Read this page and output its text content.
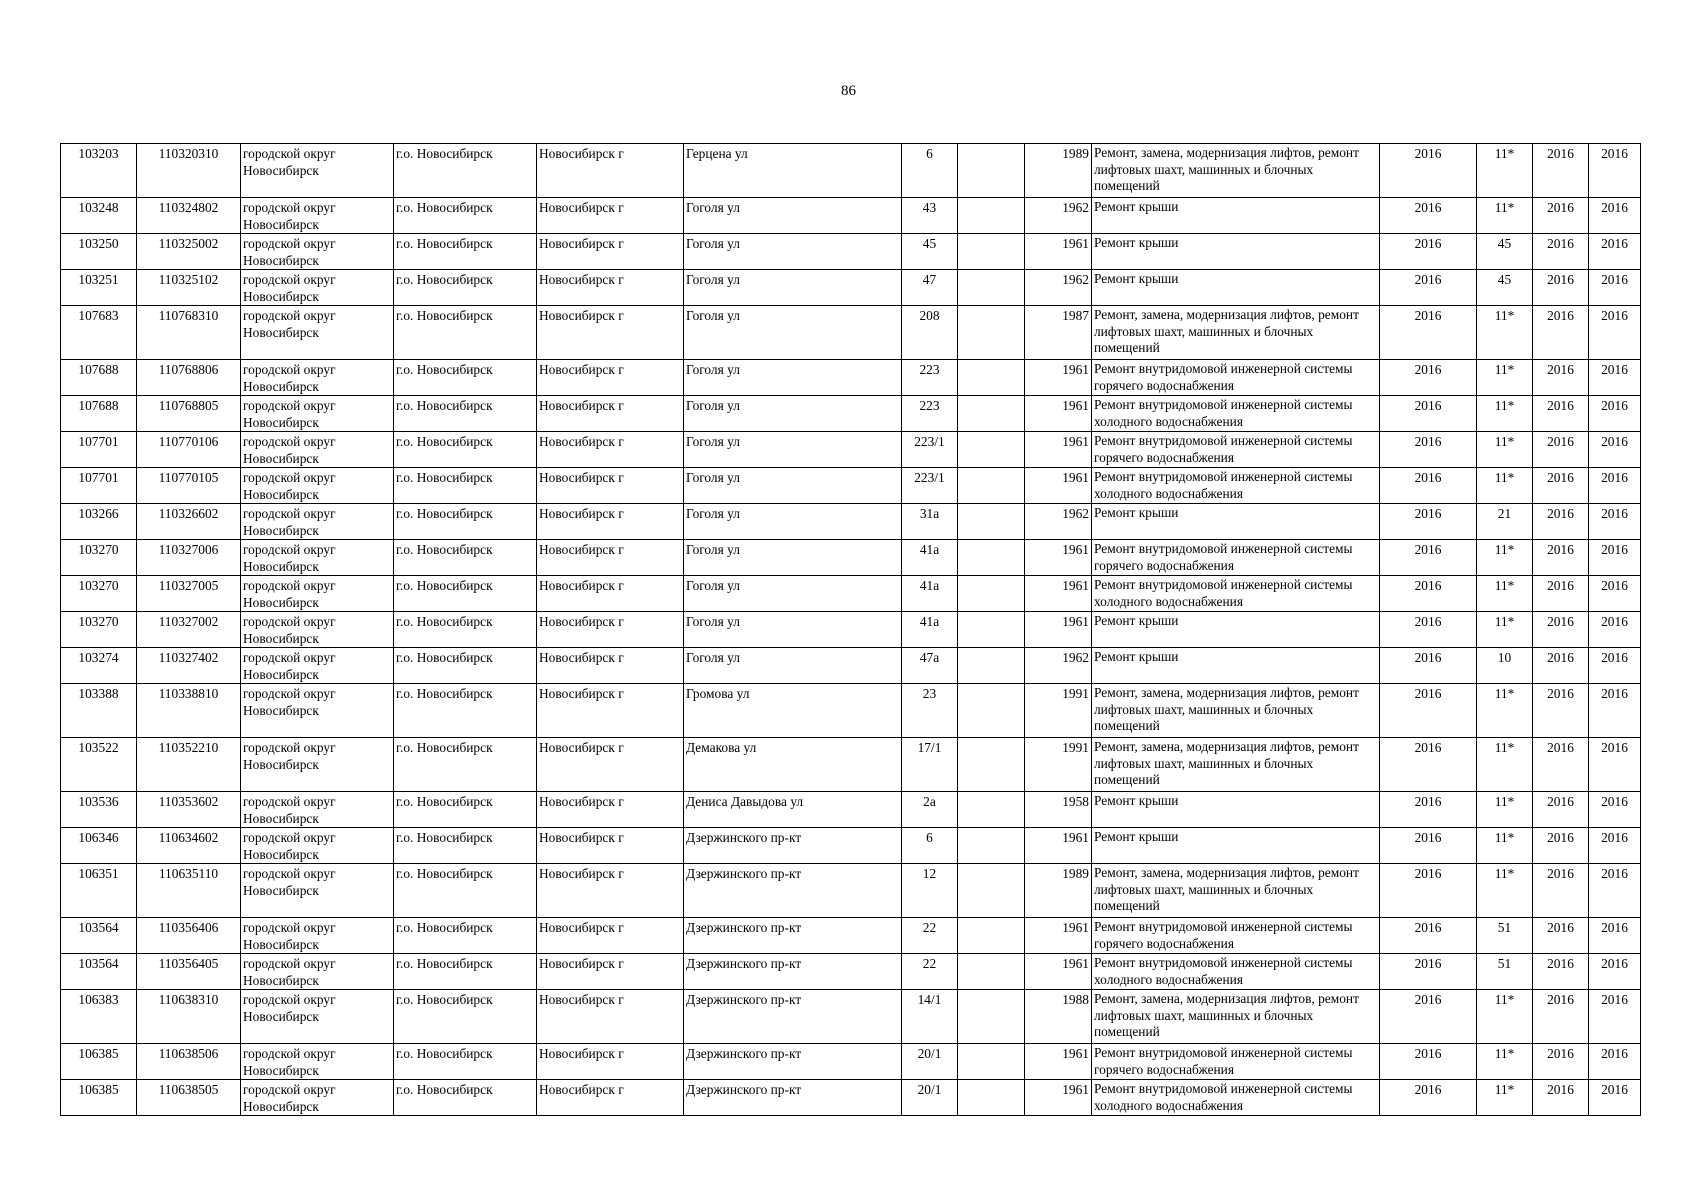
86
103203	110320310	городской округ Новосибирск	г.о. Новосибирск	Новосибирск г	Герцена ул	6		1989	Ремонт, замена, модернизация лифтов, ремонт лифтовых шахт, машинных и блочных помещений	2016	11*	2016	2016
103248	110324802	городской округ Новосибирск	г.о. Новосибирск	Новосибирск г	Гоголя ул	43		1962	Ремонт крыши	2016	11*	2016	2016
103250	110325002	городской округ Новосибирск	г.о. Новосибирск	Новосибирск г	Гоголя ул	45		1961	Ремонт крыши	2016	45	2016	2016
103251	110325102	городской округ Новосибирск	г.о. Новосибирск	Новосибирск г	Гоголя ул	47		1962	Ремонт крыши	2016	45	2016	2016
107683	110768310	городской округ Новосибирск	г.о. Новосибирск	Новосибирск г	Гоголя ул	208		1987	Ремонт, замена, модернизация лифтов, ремонт лифтовых шахт, машинных и блочных помещений	2016	11*	2016	2016
107688	110768806	городской округ Новосибирск	г.о. Новосибирск	Новосибирск г	Гоголя ул	223		1961	Ремонт внутридомовой инженерной системы горячего водоснабжения	2016	11*	2016	2016
107688	110768805	городской округ Новосибирск	г.о. Новосибирск	Новосибирск г	Гоголя ул	223		1961	Ремонт внутридомовой инженерной системы холодного водоснабжения	2016	11*	2016	2016
107701	110770106	городской округ Новосибирск	г.о. Новосибирск	Новосибирск г	Гоголя ул	223/1		1961	Ремонт внутридомовой инженерной системы горячего водоснабжения	2016	11*	2016	2016
107701	110770105	городской округ Новосибирск	г.о. Новосибирск	Новосибирск г	Гоголя ул	223/1		1961	Ремонт внутридомовой инженерной системы холодного водоснабжения	2016	11*	2016	2016
103266	110326602	городской округ Новосибирск	г.о. Новосибирск	Новосибирск г	Гоголя ул	31а		1962	Ремонт крыши	2016	21	2016	2016
103270	110327006	городской округ Новосибирск	г.о. Новосибирск	Новосибирск г	Гоголя ул	41а		1961	Ремонт внутридомовой инженерной системы горячего водоснабжения	2016	11*	2016	2016
103270	110327005	городской округ Новосибирск	г.о. Новосибирск	Новосибирск г	Гоголя ул	41а		1961	Ремонт внутридомовой инженерной системы холодного водоснабжения	2016	11*	2016	2016
103270	110327002	городской округ Новосибирск	г.о. Новосибирск	Новосибирск г	Гоголя ул	41а		1961	Ремонт крыши	2016	11*	2016	2016
103274	110327402	городской округ Новосибирск	г.о. Новосибирск	Новосибирск г	Гоголя ул	47а		1962	Ремонт крыши	2016	10	2016	2016
103388	110338810	городской округ Новосибирск	г.о. Новосибирск	Новосибирск г	Громова ул	23		1991	Ремонт, замена, модернизация лифтов, ремонт лифтовых шахт, машинных и блочных помещений	2016	11*	2016	2016
103522	110352210	городской округ Новосибирск	г.о. Новосибирск	Новосибирск г	Демакова ул	17/1		1991	Ремонт, замена, модернизация лифтов, ремонт лифтовых шахт, машинных и блочных помещений	2016	11*	2016	2016
103536	110353602	городской округ Новосибирск	г.о. Новосибирск	Новосибирск г	Дениса Давыдова ул	2а		1958	Ремонт крыши	2016	11*	2016	2016
106346	110634602	городской округ Новосибирск	г.о. Новосибирск	Новосибирск г	Дзержинского пр-кт	6		1961	Ремонт крыши	2016	11*	2016	2016
106351	110635110	городской округ Новосибирск	г.о. Новосибирск	Новосибирск г	Дзержинского пр-кт	12		1989	Ремонт, замена, модернизация лифтов, ремонт лифтовых шахт, машинных и блочных помещений	2016	11*	2016	2016
103564	110356406	городской округ Новосибирск	г.о. Новосибирск	Новосибирск г	Дзержинского пр-кт	22		1961	Ремонт внутридомовой инженерной системы горячего водоснабжения	2016	51	2016	2016
103564	110356405	городской округ Новосибирск	г.о. Новосибирск	Новосибирск г	Дзержинского пр-кт	22		1961	Ремонт внутридомовой инженерной системы холодного водоснабжения	2016	51	2016	2016
106383	110638310	городской округ Новосибирск	г.о. Новосибирск	Новосибирск г	Дзержинского пр-кт	14/1		1988	Ремонт, замена, модернизация лифтов, ремонт лифтовых шахт, машинных и блочных помещений	2016	11*	2016	2016
106385	110638506	городской округ Новосибирск	г.о. Новосибирск	Новосибирск г	Дзержинского пр-кт	20/1		1961	Ремонт внутридомовой инженерной системы горячего водоснабжения	2016	11*	2016	2016
106385	110638505	городской округ Новосибирск	г.о. Новосибирск	Новосибирск г	Дзержинского пр-кт	20/1		1961	Ремонт внутридомовой инженерной системы холодного водоснабжения	2016	11*	2016	2016
